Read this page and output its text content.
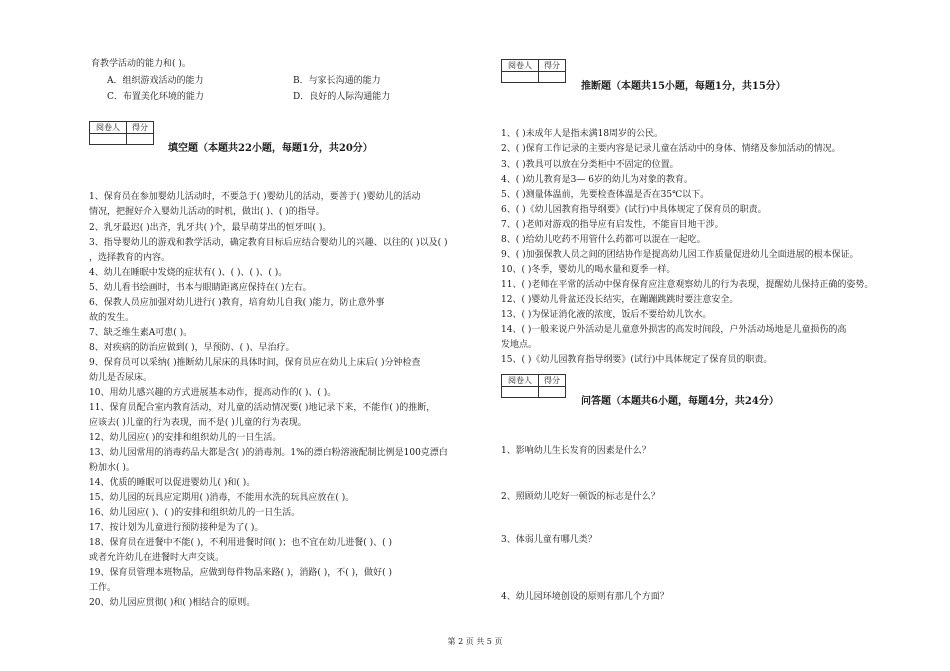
育教学活动的能力和( )。
A．组织游戏活动的能力	B．与家长沟通的能力
C．布置美化环境的能力	D．良好的人际沟通能力
阅卷人	得分

填空题（本题共22小题，每题1分，共20分）
1、保育员在参加婴幼儿活动时，不要急于( )婴幼儿的活动，要善于( )婴幼儿的活动
情况，把握好介入婴幼儿活动的时机，做出( )、( )的指导。
2、乳牙最迟( )出齐，乳牙共( )个，最早萌芽出的恒牙叫( )。
3、指导婴幼儿的游戏和教学活动，确定教育目标后应结合婴幼儿的兴趣、以往的( )以及( )
，选择教育的内容。
4、幼儿在睡眠中发烧的症状有( )、( )、( )、( )。
5、幼儿看书绘画时，书本与眼睛距离应保持在( )左右。
6、保教人员应加强对幼儿进行( )教育，培育幼儿自我( )能力，防止意外事
故的发生。
7、缺乏维生素A可患( )。
8、对疾病的防治应做到( )，早预防、( )、早治疗。
9、保育员可以采纳( )推断幼儿尿床的具体时间，保育员应在幼儿上床后( )分钟检查
幼儿是否尿床。
10、用幼儿感兴趣的方式进展基本动作，提高动作的( )、( )。
11、保育员配合室内教育活动，对儿童的活动情况要( )地记录下来，不能作( )的推断，
应该去( )儿童的行为表现，而不是( )儿童的行为表现。
12、幼儿园应( )的安排和组织幼儿的一日生活。
13、幼儿园常用的消毒药品大都是含( )的消毒剂。1%的漂白粉溶液配制比例是100克漂白
粉加水( )。
14、优质的睡眠可以促进婴幼儿( )和( )。
15、幼儿园的玩具应定期用( )消毒，不能用水洗的玩具应放在( )。
16、幼儿园应( )、( )的安排和组织幼儿的一日生活。
17、按计划为儿童进行预防接种是为了( )。
18、保育员在进餐中不能( )，不利用进餐时间( )；也不宜在幼儿进餐( )、( )
或者允许幼儿在进餐时大声交谈。
19、保育员管理本班物品，应做到每件物品来路( )，消路( )，不( )，做好( )
工作。
20、幼儿园应贯彻( )和( )相结合的原则。
阅卷人	得分

推断题（本题共15小题，每题1分，共15分）
1、( )未成年人是指未满18周岁的公民。
2、( )保育工作记录的主要内容是记录儿童在活动中的身体、情绪及参加活动的情况。
3、( )教具可以放在分类柜中不固定的位置。
4、( )幼儿教育是3— 6岁的幼儿为对象的教育。
5、( )测量体温前，先要检查体温是否在35℃以下。
6、( )《幼儿园教育指导纲要》(试行)中具体规定了保育员的职责。
7、( )老师对游戏的指导应有启发性，不能盲目地干涉。
8、( )给幼儿吃药不用管什么药都可以混在一起吃。
9、( )加强保教人员之间的团结协作是提高幼儿园工作质量促进幼儿全面进展的根本保证。
10、( )冬季，婴幼儿的喝水量和夏季一样。
11、( )老师在平常的活动中保育保育应注意观察幼儿的行为表现，提醒幼儿保持正确的姿势。
12、( )婴幼儿骨盆还没长结实，在蹦蹦跳跳时要注意安全。
13、( )为保证消化液的浓度，饭后不要给幼儿饮水。
14、( )一般来说户外活动是儿童意外损害的高发时间段，户外活动场地是儿童损伤的高
发地点。
15、( )《幼儿园教育指导纲要》(试行)中具体规定了保育员的职责。
阅卷人	得分

问答题（本题共6小题，每题4分，共24分）
1、影响幼儿生长发育的因素是什么？
2、照顾幼儿吃好一顿饭的标志是什么？
3、体弱儿童有哪几类？
4、幼儿园环境创设的原则有那几个方面？
第 2 页 共 5 页
